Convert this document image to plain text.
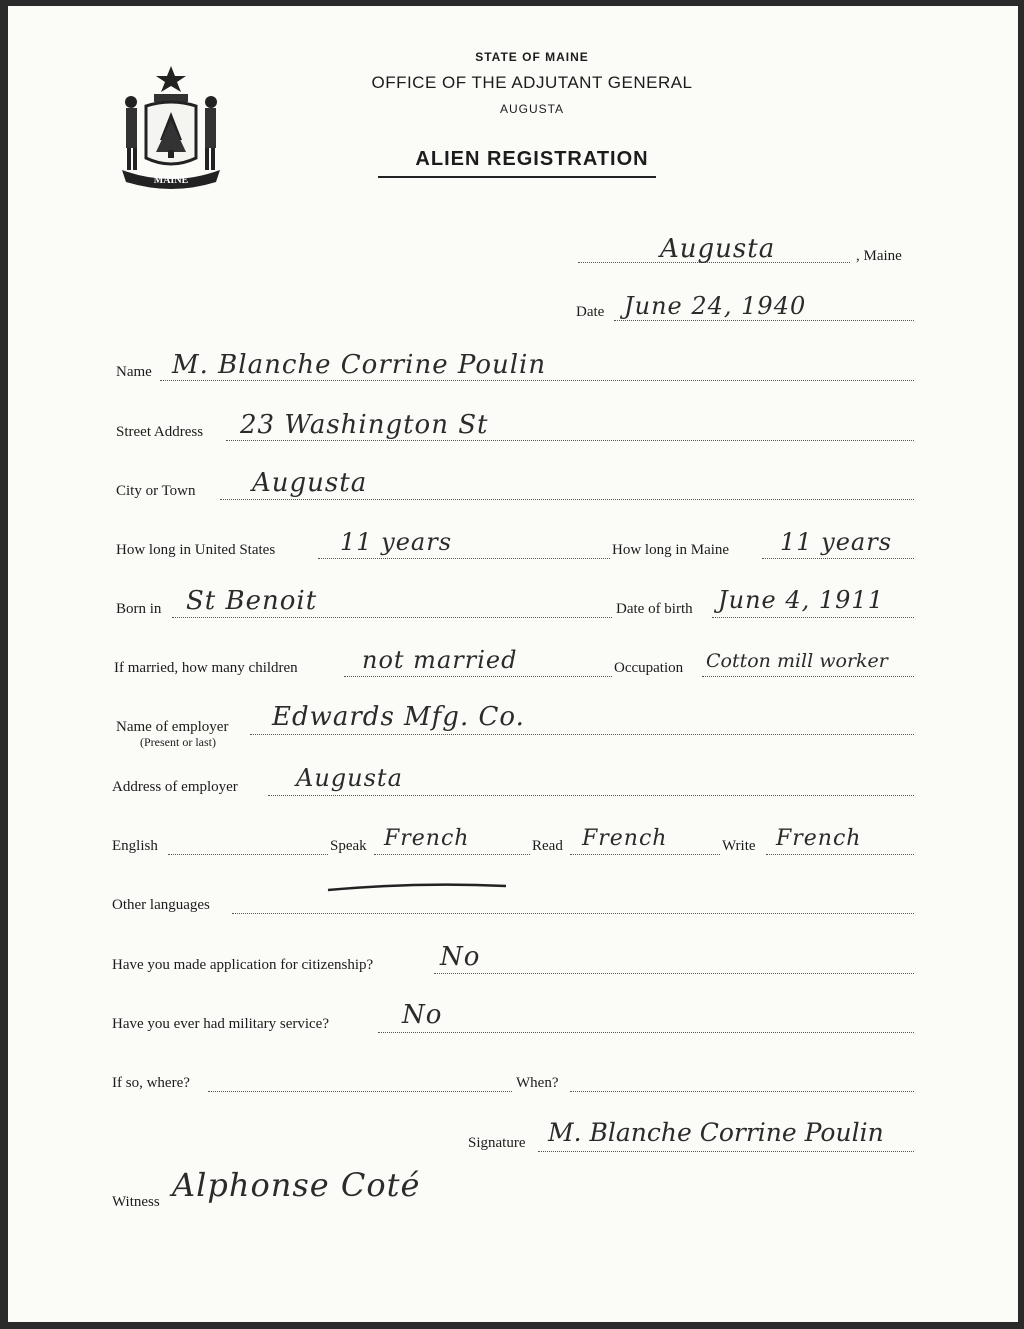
MAINE
STATE OF MAINE
OFFICE OF THE ADJUTANT GENERAL
AUGUSTA
ALIEN REGISTRATION
Augusta	, Maine
Date June 24, 1940
Name M. Blanche Corrine Poulin
Street Address 23 Washington St
City or Town Augusta
How long in United States	11 years	How long in Maine 11 years
Born in St Benoit	Date of birth June 4, 1911
If married, how many children	not married	Occupation Cotton mill worker
Name of employer
(Present or last)
Edwards Mfg. Co.
Address of employer Augusta
English	Speak French	Read French	Write French
Other languages
Have you made application for citizenship?	No
Have you ever had military service?	No
If so, where?	When?
Signature M. Blanche Corrine Poulin
Witness Alphonse Coté
